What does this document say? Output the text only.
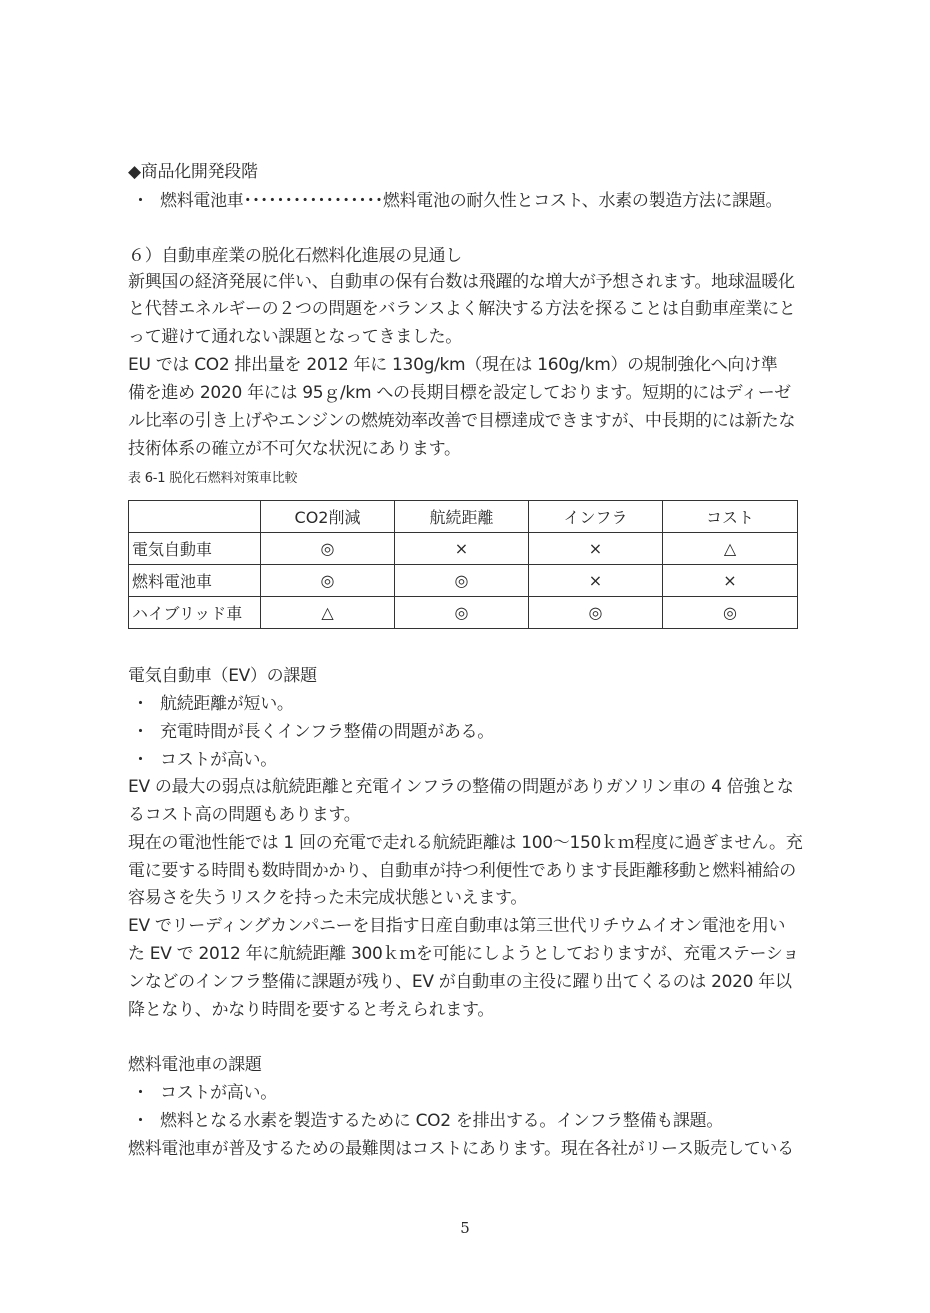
◆商品化開発段階
・ 燃料電池車･････････････････燃料電池の耐久性とコスト、水素の製造方法に課題。
６）自動車産業の脱化石燃料化進展の見通し
新興国の経済発展に伴い、自動車の保有台数は飛躍的な増大が予想されます。地球温暖化
と代替エネルギーの２つの問題をバランスよく解決する方法を探ることは自動車産業にと
って避けて通れない課題となってきました。
EU では CO2 排出量を 2012 年に 130g/km（現在は 160g/km）の規制強化へ向け準
備を進め 2020 年には 95ｇ/km への長期目標を設定しております。短期的にはディーゼ
ル比率の引き上げやエンジンの燃焼効率改善で目標達成できますが、中長期的には新たな
技術体系の確立が不可欠な状況にあります。
表 6-1 脱化石燃料対策車比較
	CO2削減	航続距離	インフラ	コスト
電気自動車	◎	×	×	△
燃料電池車	◎	◎	×	×
ハイブリッド車	△	◎	◎	◎
電気自動車（EV）の課題
・ 航続距離が短い。
・ 充電時間が長くインフラ整備の問題がある。
・ コストが高い。
EV の最大の弱点は航続距離と充電インフラの整備の問題がありガソリン車の 4 倍強とな
るコスト高の問題もあります。
現在の電池性能では 1 回の充電で走れる航続距離は 100～150ｋｍ程度に過ぎません。充
電に要する時間も数時間かかり、自動車が持つ利便性であります長距離移動と燃料補給の
容易さを失うリスクを持った未完成状態といえます。
EV でリーディングカンパニーを目指す日産自動車は第三世代リチウムイオン電池を用い
た EV で 2012 年に航続距離 300ｋｍを可能にしようとしておりますが、充電ステーショ
ンなどのインフラ整備に課題が残り、EV が自動車の主役に躍り出てくるのは 2020 年以
降となり、かなり時間を要すると考えられます。
燃料電池車の課題
・ コストが高い。
・ 燃料となる水素を製造するために CO2 を排出する。インフラ整備も課題。
燃料電池車が普及するための最難関はコストにあります。現在各社がリース販売している
5
